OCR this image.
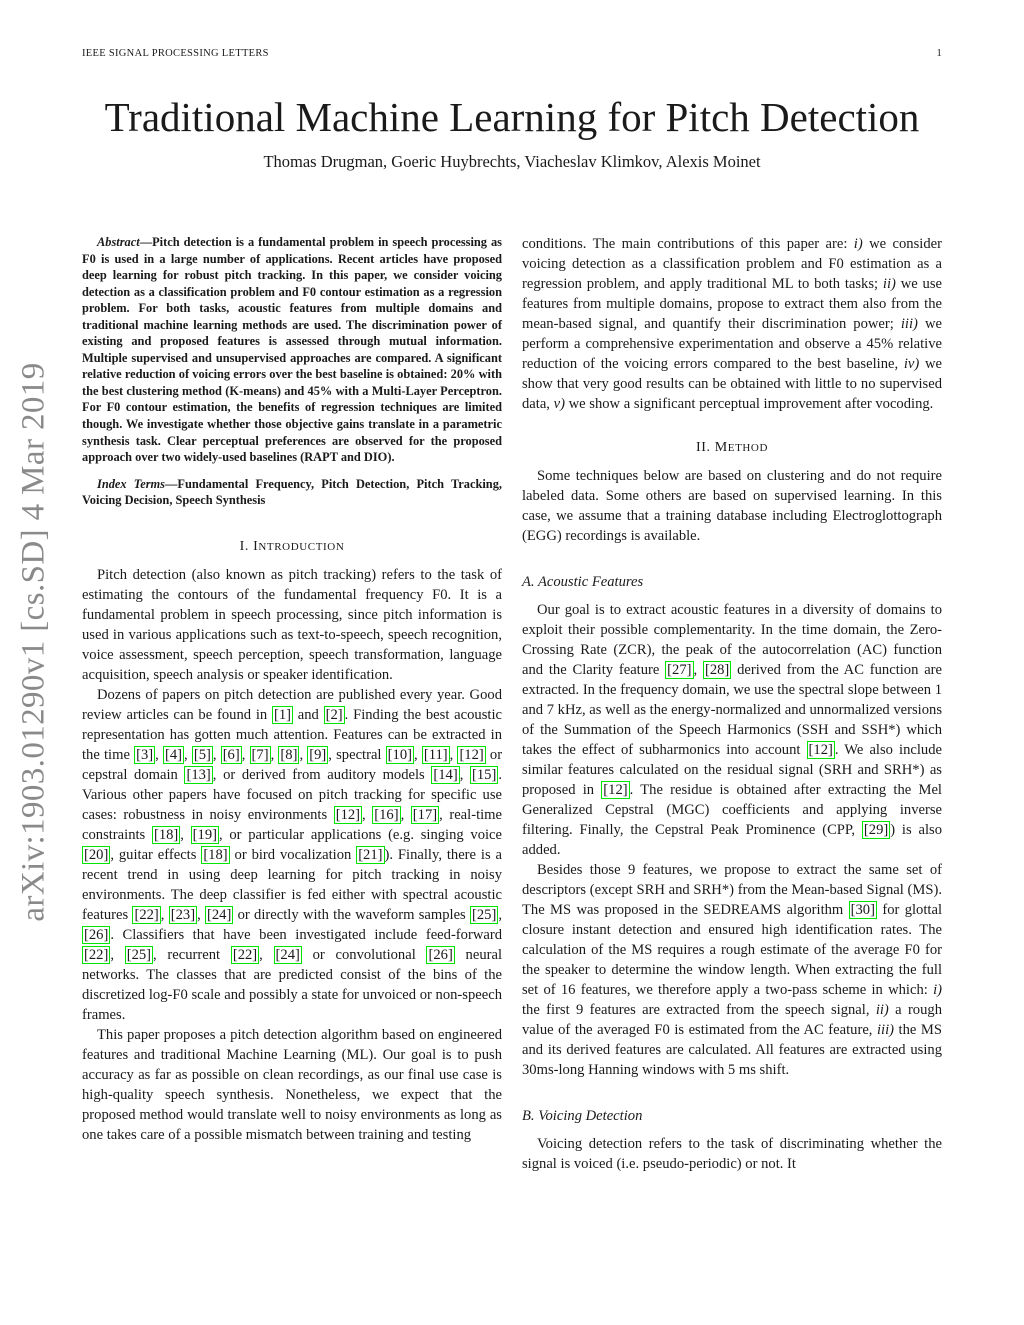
IEEE SIGNAL PROCESSING LETTERS	1
Traditional Machine Learning for Pitch Detection
Thomas Drugman, Goeric Huybrechts, Viacheslav Klimkov, Alexis Moinet
arXiv:1903.01290v1 [cs.SD] 4 Mar 2019

Abstract—Pitch detection is a fundamental problem in speech processing as F0 is used in a large number of applications. Recent articles have proposed deep learning for robust pitch tracking. In this paper, we consider voicing detection as a classification problem and F0 contour estimation as a regression problem. For both tasks, acoustic features from multiple domains and traditional machine learning methods are used. The discrimination power of existing and proposed features is assessed through mutual information. Multiple supervised and unsupervised approaches are compared. A significant relative reduction of voicing errors over the best baseline is obtained: 20% with the best clustering method (K-means) and 45% with a Multi-Layer Perceptron. For F0 contour estimation, the benefits of regression techniques are limited though. We investigate whether those objective gains translate in a parametric synthesis task. Clear perceptual preferences are observed for the proposed approach over two widely-used baselines (RAPT and DIO).

Index Terms—Fundamental Frequency, Pitch Detection, Pitch Tracking, Voicing Decision, Speech Synthesis

I. INTRODUCTION

Pitch detection (also known as pitch tracking) refers to the task of estimating the contours of the fundamental frequency F0. It is a fundamental problem in speech processing, since pitch information is used in various applications such as text-to-speech, speech recognition, voice assessment, speech perception, speech transformation, language acquisition, speech analysis or speaker identification.

Dozens of papers on pitch detection are published every year. Good review articles can be found in [1] and [2] . Finding the best acoustic representation has gotten much attention. Features can be extracted in the time [3] , [4] , [5] , [6] , [7] , [8] , [9] , spectral [10] , [11] , [12] or cepstral domain [13] , or derived from auditory models [14] , [15] . Various other papers have focused on pitch tracking for specific use cases: robustness in noisy environments [12] , [16] , [17] , real-time constraints [18] , [19] , or particular applications (e.g. singing voice [20] , guitar effects [18] or bird vocalization [21] ). Finally, there is a recent trend in using deep learning for pitch tracking in noisy environments. The deep classifier is fed either with spectral acoustic features [22] , [23] , [24] or directly with the waveform samples [25] , [26] . Classifiers that have been investigated include feed-forward [22] , [25] , recurrent [22] , [24] or convolutional [26] neural networks. The classes that are predicted consist of the bins of the discretized log-F0 scale and possibly a state for unvoiced or non-speech frames.

This paper proposes a pitch detection algorithm based on engineered features and traditional Machine Learning (ML). Our goal is to push accuracy as far as possible on clean recordings, as our final use case is high-quality speech synthesis. Nonetheless, we expect that the proposed method would translate well to noisy environments as long as one takes care of a possible mismatch between training and testing

conditions. The main contributions of this paper are: i) we consider voicing detection as a classification problem and F0 estimation as a regression problem, and apply traditional ML to both tasks; ii) we use features from multiple domains, propose to extract them also from the mean-based signal, and quantify their discrimination power; iii) we perform a comprehensive experimentation and observe a 45% relative reduction of the voicing errors compared to the best baseline, iv) we show that very good results can be obtained with little to no supervised data, v) we show a significant perceptual improvement after vocoding.

II. METHOD

Some techniques below are based on clustering and do not require labeled data. Some others are based on supervised learning. In this case, we assume that a training database including Electroglottograph (EGG) recordings is available.

A. Acoustic Features

Our goal is to extract acoustic features in a diversity of domains to exploit their possible complementarity. In the time domain, the Zero-Crossing Rate (ZCR), the peak of the autocorrelation (AC) function and the Clarity feature [27] , [28] derived from the AC function are extracted. In the frequency domain, we use the spectral slope between 1 and 7 kHz, as well as the energy-normalized and unnormalized versions of the Summation of the Speech Harmonics (SSH and SSH*) which takes the effect of subharmonics into account [12] . We also include similar features calculated on the residual signal (SRH and SRH*) as proposed in [12] . The residue is obtained after extracting the Mel Generalized Cepstral (MGC) coefficients and applying inverse filtering. Finally, the Cepstral Peak Prominence (CPP, [29] ) is also added.

Besides those 9 features, we propose to extract the same set of descriptors (except SRH and SRH*) from the Mean-based Signal (MS). The MS was proposed in the SEDREAMS algorithm [30] for glottal closure instant detection and ensured high identification rates. The calculation of the MS requires a rough estimate of the average F0 for the speaker to determine the window length. When extracting the full set of 16 features, we therefore apply a two-pass scheme in which: i) the first 9 features are extracted from the speech signal, ii) a rough value of the averaged F0 is estimated from the AC feature, iii) the MS and its derived features are calculated. All features are extracted using 30ms-long Hanning windows with 5 ms shift.

B. Voicing Detection

Voicing detection refers to the task of discriminating whether the signal is voiced (i.e. pseudo-periodic) or not. It
